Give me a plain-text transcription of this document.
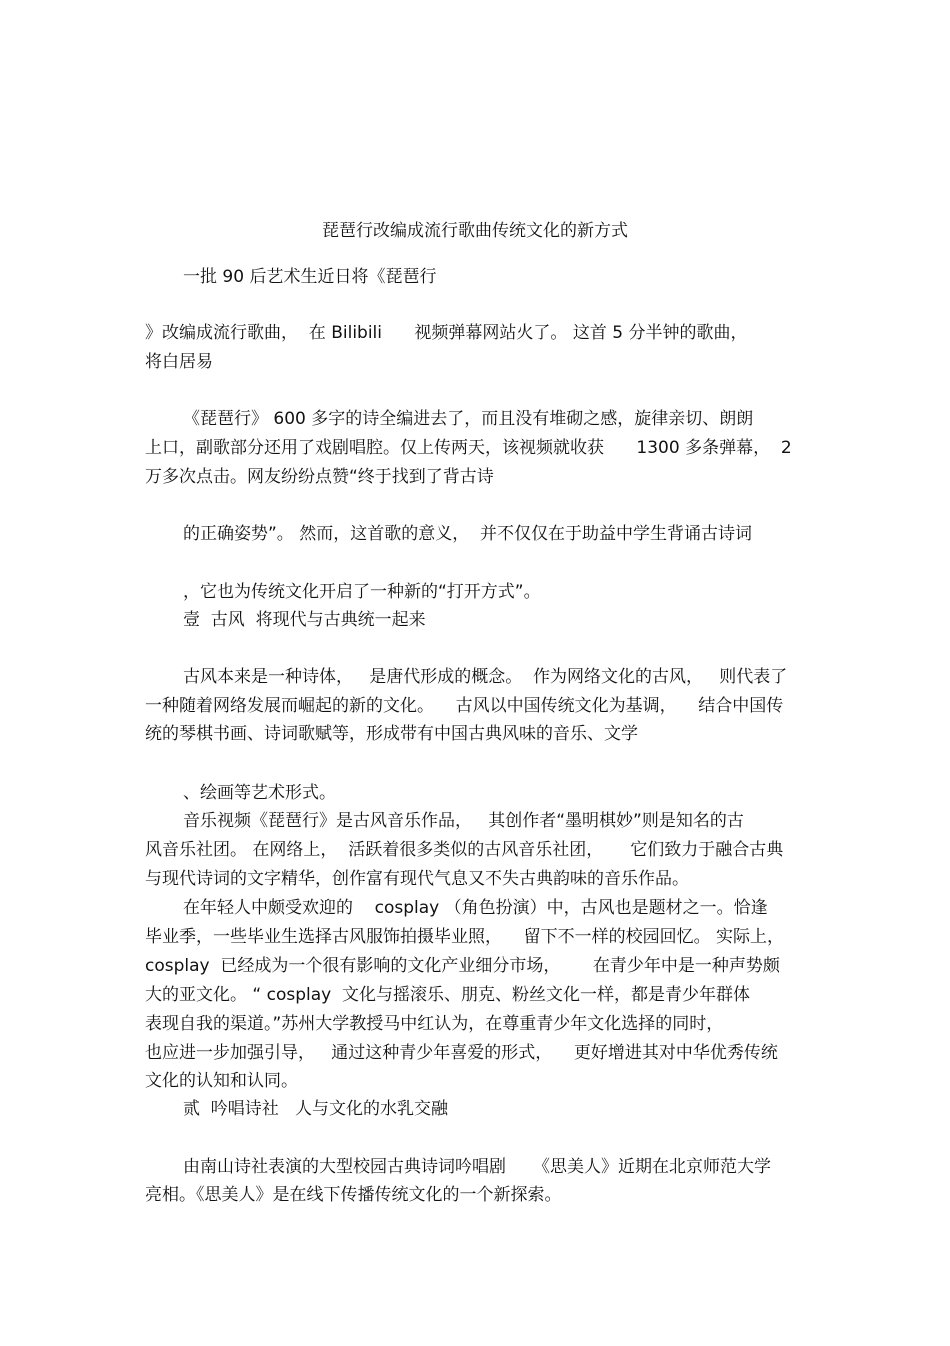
琵琶行改编成流行歌曲传统文化的新方式
一批 90 后艺术生近日将《琵琶行
》改编成流行歌曲，  在 Bilibili      视频弹幕网站火了。 这首 5 分半钟的歌曲，
将白居易
《琵琶行》 600 多字的诗全编进去了，而且没有堆砌之感，旋律亲切、朗朗
上口，副歌部分还用了戏剧唱腔。仅上传两天，该视频就收获      1300 多条弹幕，  2
万多次点击。网友纷纷点赞“终于找到了背古诗
的正确姿势”。 然而，这首歌的意义，  并不仅仅在于助益中学生背诵古诗词
，它也为传统文化开启了一种新的“打开方式”。
壹  古风  将现代与古典统一起来
古风本来是一种诗体，   是唐代形成的概念。  作为网络文化的古风，   则代表了
一种随着网络发展而崛起的新的文化。    古风以中国传统文化为基调，    结合中国传
统的琴棋书画、诗词歌赋等，形成带有中国古典风味的音乐、文学
、绘画等艺术形式。
音乐视频《琵琶行》是古风音乐作品，   其创作者“墨明棋妙”则是知名的古
风音乐社团。 在网络上，  活跃着很多类似的古风音乐社团，     它们致力于融合古典
与现代诗词的文字精华，创作富有现代气息又不失古典韵味的音乐作品。
在年轻人中颇受欢迎的    cosplay （角色扮演）中，古风也是题材之一。恰逢
毕业季，一些毕业生选择古风服饰拍摄毕业照，    留下不一样的校园回忆。 实际上，
cosplay  已经成为一个很有影响的文化产业细分市场，      在青少年中是一种声势颇
大的亚文化。 “ cosplay  文化与摇滚乐、朋克、粉丝文化一样，都是青少年群体
表现自我的渠道。”苏州大学教授马中红认为，在尊重青少年文化选择的同时，
也应进一步加强引导，   通过这种青少年喜爱的形式，    更好增进其对中华优秀传统
文化的认知和认同。
贰  吟唱诗社   人与文化的水乳交融
由南山诗社表演的大型校园古典诗词吟唱剧     《思美人》近期在北京师范大学
亮相。《思美人》是在线下传播传统文化的一个新探索。
